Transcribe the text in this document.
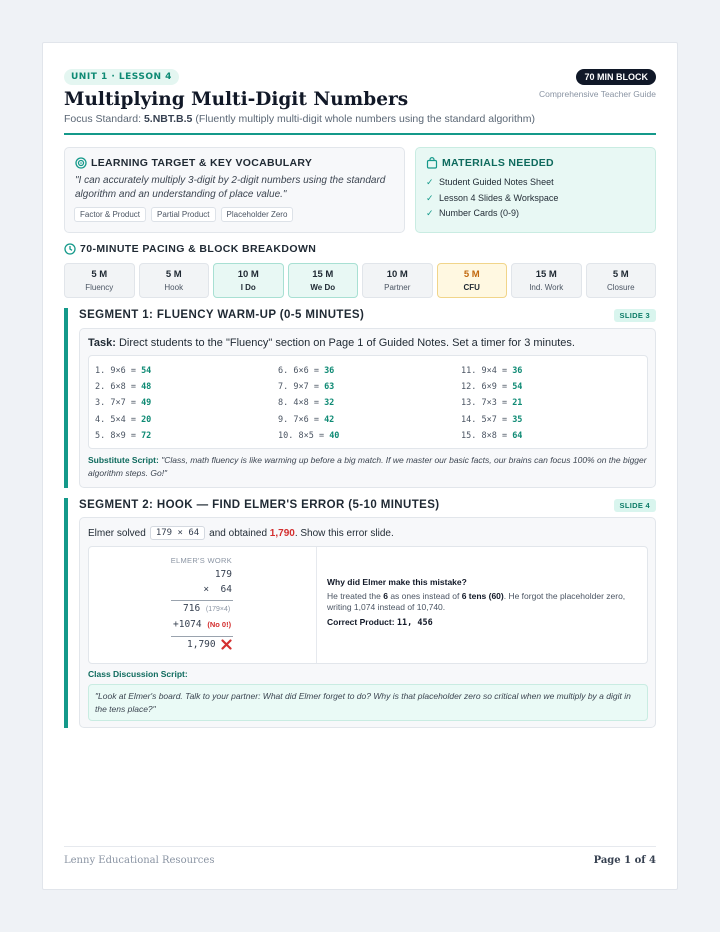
UNIT 1 · LESSON 4
Multiplying Multi-Digit Numbers
Focus Standard: 5.NBT.B.5 (Fluently multiply multi-digit whole numbers using the standard algorithm)
70 MIN BLOCK
Comprehensive Teacher Guide
LEARNING TARGET & KEY VOCABULARY
"I can accurately multiply 3-digit by 2-digit numbers using the standard algorithm and an understanding of place value."
Factor & Product	Partial Product	Placeholder Zero
MATERIALS NEEDED
✓ Student Guided Notes Sheet
✓ Lesson 4 Slides & Workspace
✓ Number Cards (0-9)
70-MINUTE PACING & BLOCK BREAKDOWN
5 M
Fluency
5 M
Hook
10 M
I Do
15 M
We Do
10 M
Partner
5 M
CFU
15 M
Ind. Work
5 M
Closure
SEGMENT 1: FLUENCY WARM-UP (0-5 MINUTES)	SLIDE 3
Task: Direct students to the "Fluency" section on Page 1 of Guided Notes. Set a timer for 3 minutes.
1. 9×6 = 54
2. 6×8 = 48
3. 7×7 = 49
4. 5×4 = 20
5. 8×9 = 72
6. 6×6 = 36
7. 9×7 = 63
8. 4×8 = 32
9. 7×6 = 42
10. 8×5 = 40
11. 9×4 = 36
12. 6×9 = 54
13. 7×3 = 21
14. 5×7 = 35
15. 8×8 = 64
Substitute Script: "Class, math fluency is like warming up before a big match. If we master our basic facts, our brains can focus 100% on the bigger algorithm steps. Go!"
SEGMENT 2: HOOK — FIND ELMER'S ERROR (5-10 MINUTES)	SLIDE 4
Elmer solved	179 × 64	and obtained
1,790 . Show this error slide.
ELMER'S WORK
179
×  64
716 (179×4)
+1074 (No 0!)
1,790
Why did Elmer make this mistake?
He treated the 6 as ones instead of 6 tens (60). He forgot the placeholder zero, writing 1,074 instead of 10,740.
Correct Product: 11, 456
Class Discussion Script:
"Look at Elmer's board. Talk to your partner: What did Elmer forget to do? Why is that placeholder zero so critical when we multiply by a digit in the tens place?"
Lenny Educational Resources	Page 1 of 4
